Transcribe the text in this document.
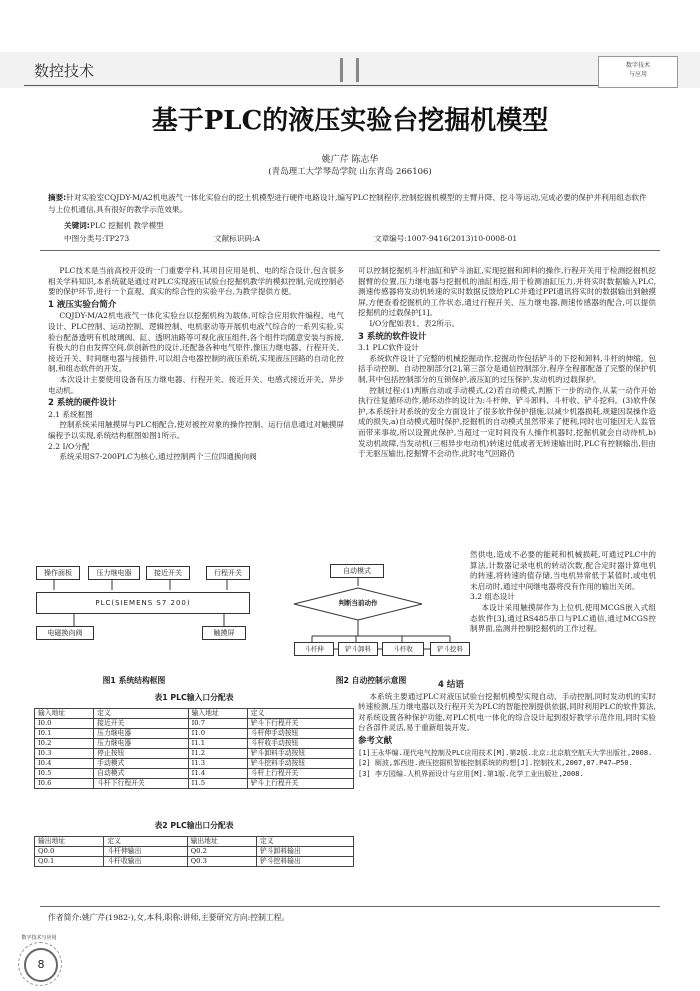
数控技术	数字技术
与应用
基于PLC的液压实验台挖掘机模型
姚广芹 陈志华
(青岛理工大学琴岛学院 山东青岛 266106)
摘要:针对实验室CQJDY-M/A2机电液气一体化实验台的挖土机模型进行硬件电路设计,编写PLC控制程序,控制挖掘机模型的主臂升降、挖斗等运动,完成必要的保护并利用组态软件与上位机通信,具有很好的教学示范效果。
关键词:PLC 挖掘机 教学模型
中图分类号:TP273	文献标识码:A	文章编号:1007-9416(2013)10-0008-01

PLC技术是当前高校开设的一门重要学科,其项目应用是机、电的综合设计,包含很多相关学科知识,本系统就是通过对PLC实现液压试验台挖掘机教学的模拟控制,完成控制必要的保护环节,进行一个直观、真实的综合性的实验平台,为教学提供方便。

1 液压实验台简介

CQJDY-M/A2机电液气一体化实验台以挖掘机构为载体,可综合应用软件编程、电气设计、PLC控制、运动控制、逻辑控制、电机驱动等开展机电液气综合的一系列实验,实验台配备透明有机玻璃阀、缸、透明油路等可视化液压组件,各个组件均随意安装与拆接,有极大的自由发挥空间,供创新性的设计,还配备各种电气原件,像压力继电器、行程开关、接近开关、时间继电器与接插件,可以组合电器控制的液压系统,实现液压回路的自动化控制,和组态软件的开发。

本次设计主要使用设备有压力继电器、行程开关、接近开关、电感式接近开关、异步电动机。

2 系统的硬件设计

2.1 系统框图

控制系统采用触摸屏与PLC相配合,使对被控对象的操作控制、运行信息通过对触摸屏编程予以实现,系统结构框图如图1所示。

2.2 I/O分配

系统采用S7-200PLC为核心,通过控制两个三位四通换向阀

操作面板	压力继电器	接近开关	行程开关
PLC(SIEMENS S7 200)
电磁换向阀	触摸屏
图1 系统结构框图
自动模式
判断当前动作
斗杆伸	铲斗卸料	斗杆收	铲斗挖料
图2 自动控制示意图
表1 PLC输入口分配表
输入地址	定义	输入地址	定义
I0.0	接近开关	I0.7	铲斗下行程开关
I0.1	压力继电器	I1.0	斗杆伸手动按钮
I0.2	压力继电器	I1.1	斗杆收手动按钮
I0.3	停止按钮	I1.2	铲斗卸料手动按钮
I0.4	手动模式	I1.3	铲斗挖料手动按钮
I0.5	自动模式	I1.4	斗杆上行程开关
I0.6	斗杆下行程开关	I1.5	铲斗上行程开关
表2 PLC输出口分配表
输出地址	定义	输出地址	定义
Q0.0	斗杆伸输出	Q0.2	铲斗卸料输出
Q0.1	斗杆收输出	Q0.3	铲斗挖料输出

可以控制挖掘机斗杆油缸和铲斗油缸,实现挖掘和卸料的操作,行程开关用于检测挖掘机挖掘臂的位置,压力继电器与挖掘机的油缸相连,用于检测油缸压力,并将实时数据输入PLC,测速传感器将发动机转速的实时数据反馈给PLC并通过PPI通讯将实时的数据输出到触摸屏,方便查看挖掘机的工作状态,通过行程开关、压力继电器,测速传感器的配合,可以提供挖掘机的过载保护[1]。

I/O分配如表1、表2所示。

3 系统的软件设计

3.1 PLC软件设计

系统软件设计了完整的机械挖掘动作,挖掘动作包括铲斗的下挖和卸料,斗杆的伸缩。包括手动控制、自动控制部分[2],第三部分是通信控制部分,程序全程都配备了完整的保护机制,其中包括控制部分的互锁保护,液压缸的过压保护,发动机的过载保护。

控制过程:(1)判断自动或手动模式,(2)若自动模式,判断下一步的动作,从某一动作开始执行往复循环动作,循环动作的设计为:斗杆伸、铲斗卸料、斗杆收、铲斗挖料。(3)软件保护,本系统针对系统的安全方面设计了很多软件保护措施,以减少机器损耗,规避因误操作造成的损失,a)自动模式超时保护,挖掘机的自动模式虽然带来了便利,同时也可能因无人监管而带来事故,所以设置此保护,当超过一定时间没有人操作机器时,挖掘机就会自动待机,b)发动机故障,当发动机(三相异步电动机)转速过低或者无转速输出时,PLC有控制输出,但由于无驱压输出,挖掘臂不会动作,此时电气回路仍

然供电,造成不必要的能耗和机械损耗,可通过PLC中的算法,计数器记录电机的转动次数,配合定时器计算电机的转速,将转速的值存储,当电机异常低于某值时,或电机未启动时,通过中间继电器将没有作用的输出关闭。

3.2 组态设计

本设计采用触摸屏作为上位机,使用MCGS嵌入式组态软件[3],通过RS485串口与PLC通信,通过MCGS控制界面,监测并控制挖掘机的工作过程。

4 结语

本系统主要通过PLC对液压试验台挖掘机模型实现自动、手动控制,同时发动机的实时转速检测,压力继电器以及行程开关为PLC的智能控制提供依据,同时利用PLC的软件算法,对系统设置各种保护功能,对PLC机电一体化的综合设计起到很好教学示范作用,同时实验台各部件灵活,易于重新组装开发。

参考文献

[1]王永华编.现代电气控制及PLC应用技术[M].第2版.北京:北京航空航天大学出版社,2008.

[2] 厕波,郭西进.液压挖掘机智能控制系统的构想[J].控制技术,2007,07.P47—P50.

[3] 李方园编.人机界面设计与应用[M].第1版.化学工业出版社,2008.

作者简介:姚广芹(1982-),女,本科,职称:讲师,主要研究方向:控制工程。
数字技术与应用
8
